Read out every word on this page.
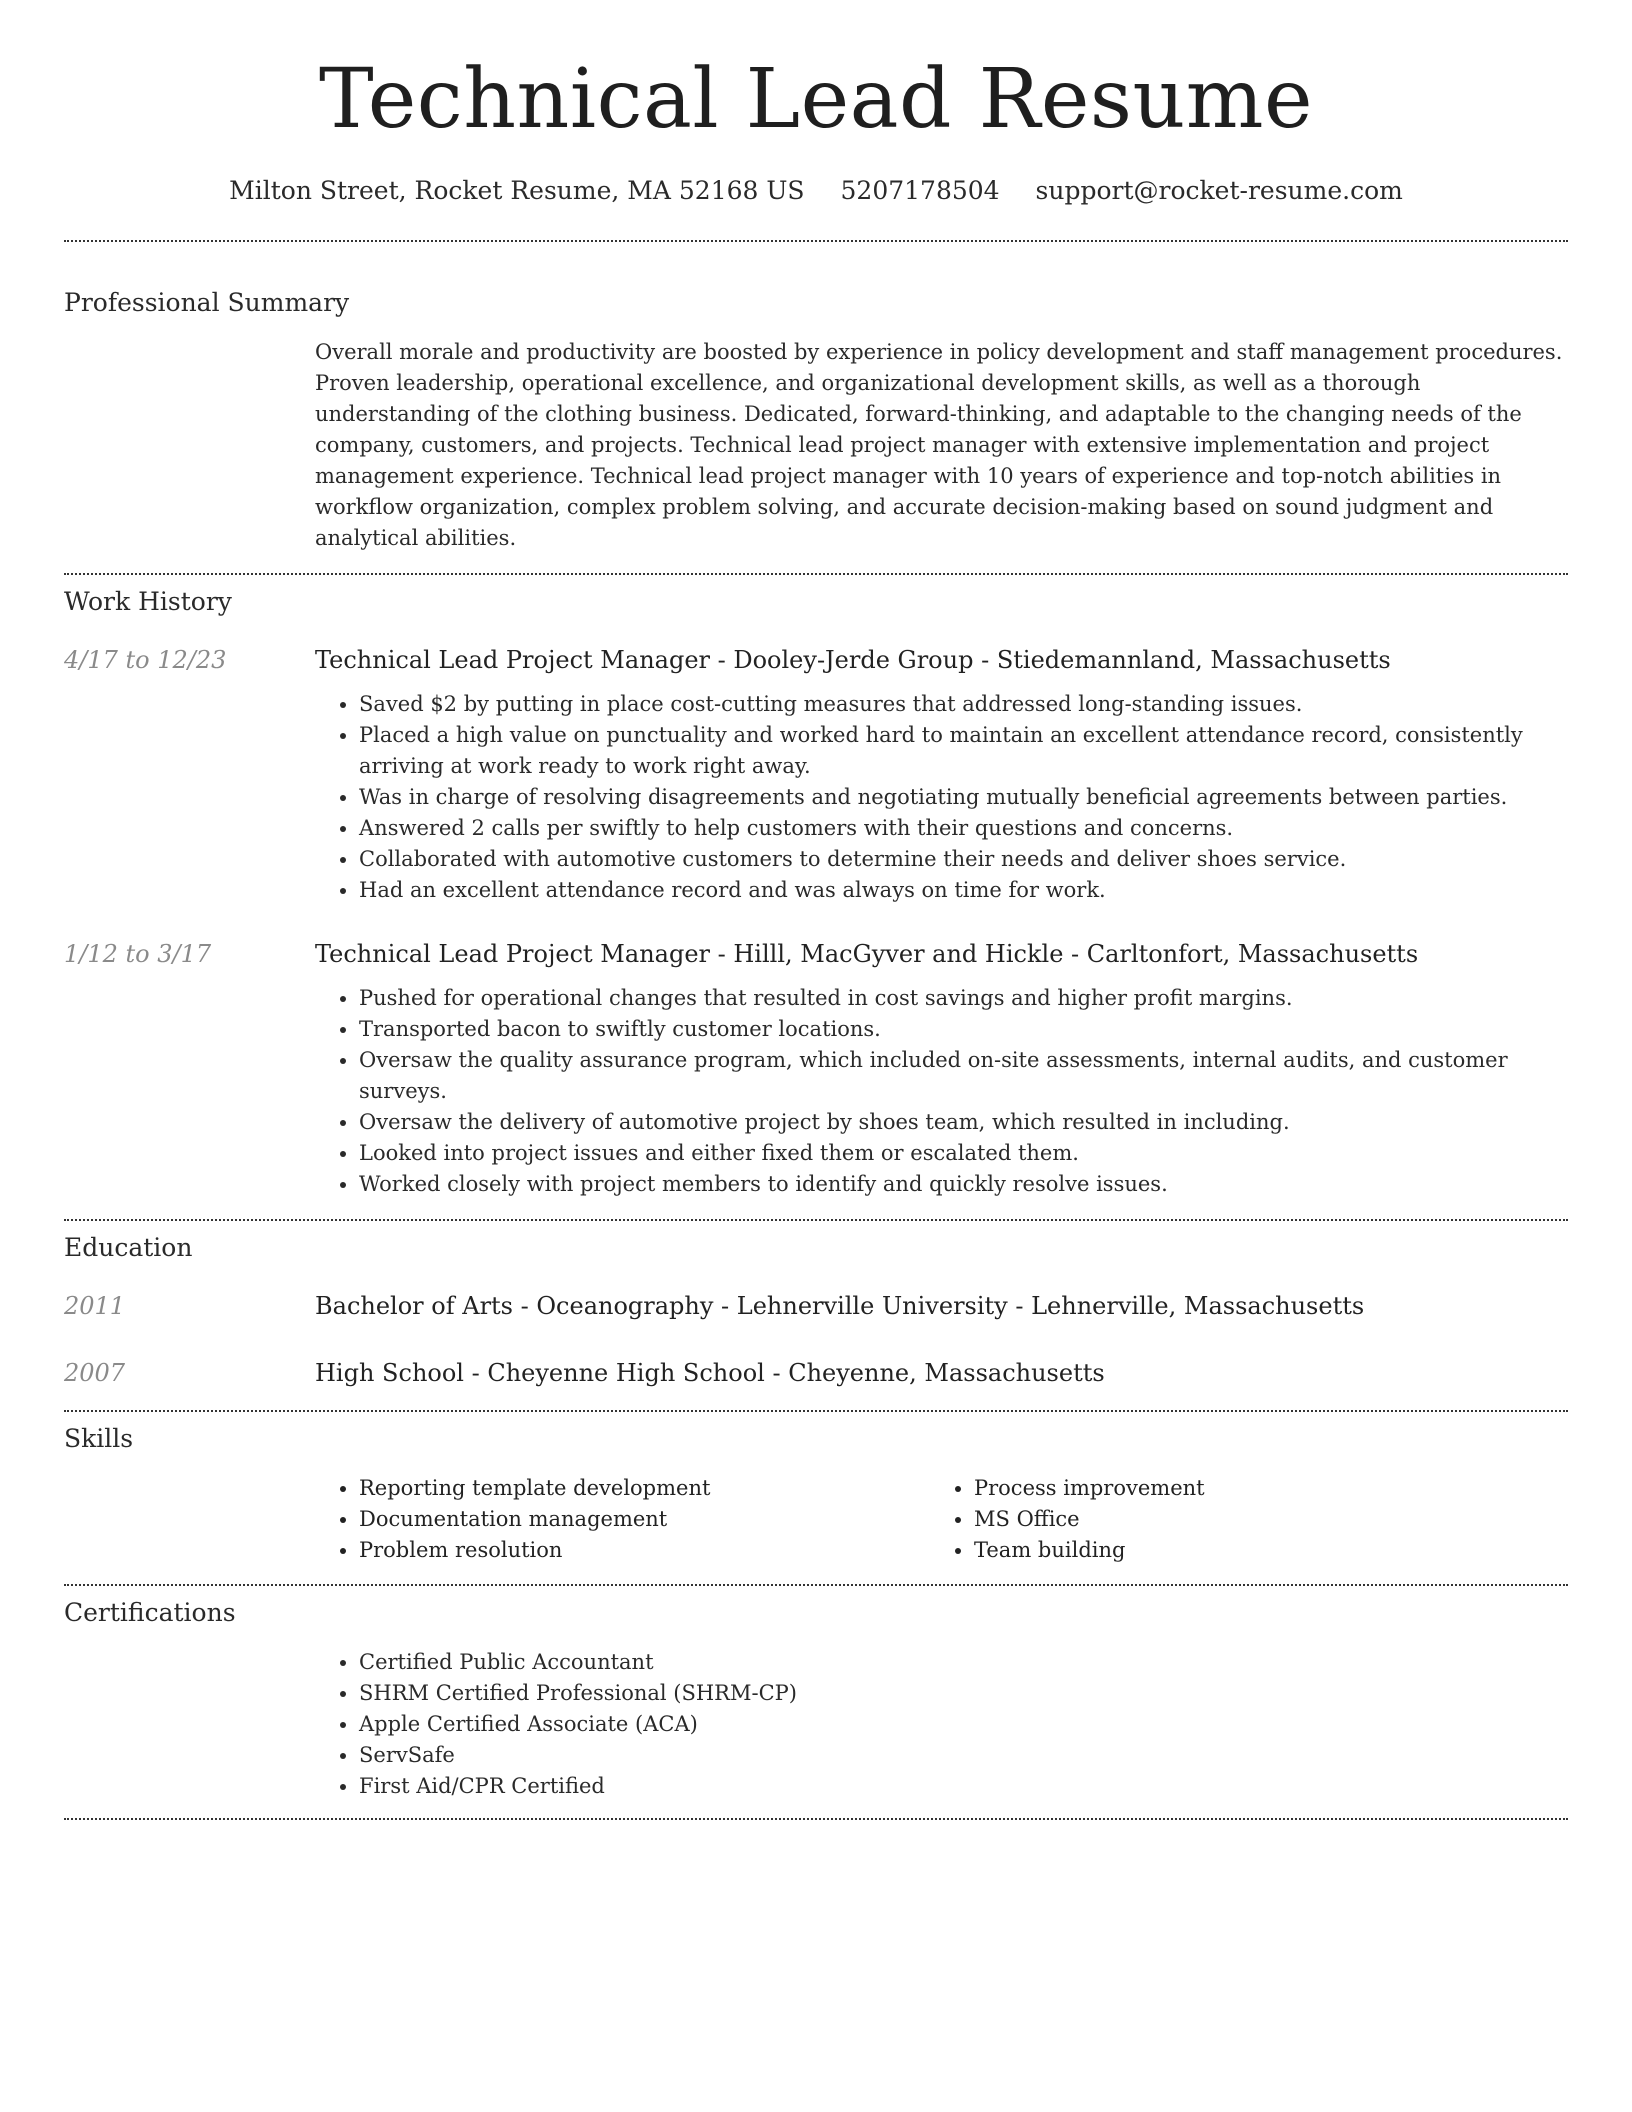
Technical Lead Resume
Milton Street, Rocket Resume, MA 52168 US 5207178504 support@rocket-resume.com
Professional Summary

Overall morale and productivity are boosted by experience in policy development and staff management procedures. Proven leadership, operational excellence, and organizational development skills, as well as a thorough understanding of the clothing business. Dedicated, forward-thinking, and adaptable to the changing needs of the company, customers, and projects. Technical lead project manager with extensive implementation and project management experience. Technical lead project manager with 10 years of experience and top-notch abilities in workflow organization, complex problem solving, and accurate decision-making based on sound judgment and analytical abilities.

Work History
4/17 to 12/23	Technical Lead Project Manager - Dooley-Jerde Group - Stiedemannland, Massachusetts

• Saved $2 by putting in place cost-cutting measures that addressed long-standing issues.
• Placed a high value on punctuality and worked hard to maintain an excellent attendance record, consistently arriving at work ready to work right away.
• Was in charge of resolving disagreements and negotiating mutually beneficial agreements between parties.
• Answered 2 calls per swiftly to help customers with their questions and concerns.
• Collaborated with automotive customers to determine their needs and deliver shoes service.
• Had an excellent attendance record and was always on time for work.
1/12 to 3/17	Technical Lead Project Manager - Hilll, MacGyver and Hickle - Carltonfort, Massachusetts

• Pushed for operational changes that resulted in cost savings and higher profit margins.
• Transported bacon to swiftly customer locations.
• Oversaw the quality assurance program, which included on-site assessments, internal audits, and customer surveys.
• Oversaw the delivery of automotive project by shoes team, which resulted in including.
• Looked into project issues and either fixed them or escalated them.
• Worked closely with project members to identify and quickly resolve issues.
Education
2011	Bachelor of Arts - Oceanography - Lehnerville University - Lehnerville, Massachusetts

2007	High School - Cheyenne High School - Cheyenne, Massachusetts

Skills
• Reporting template development
• Documentation management
• Problem resolution
• Process improvement
• MS Office
• Team building
Certifications
• Certified Public Accountant
• SHRM Certified Professional (SHRM-CP)
• Apple Certified Associate (ACA)
• ServSafe
• First Aid/CPR Certified
